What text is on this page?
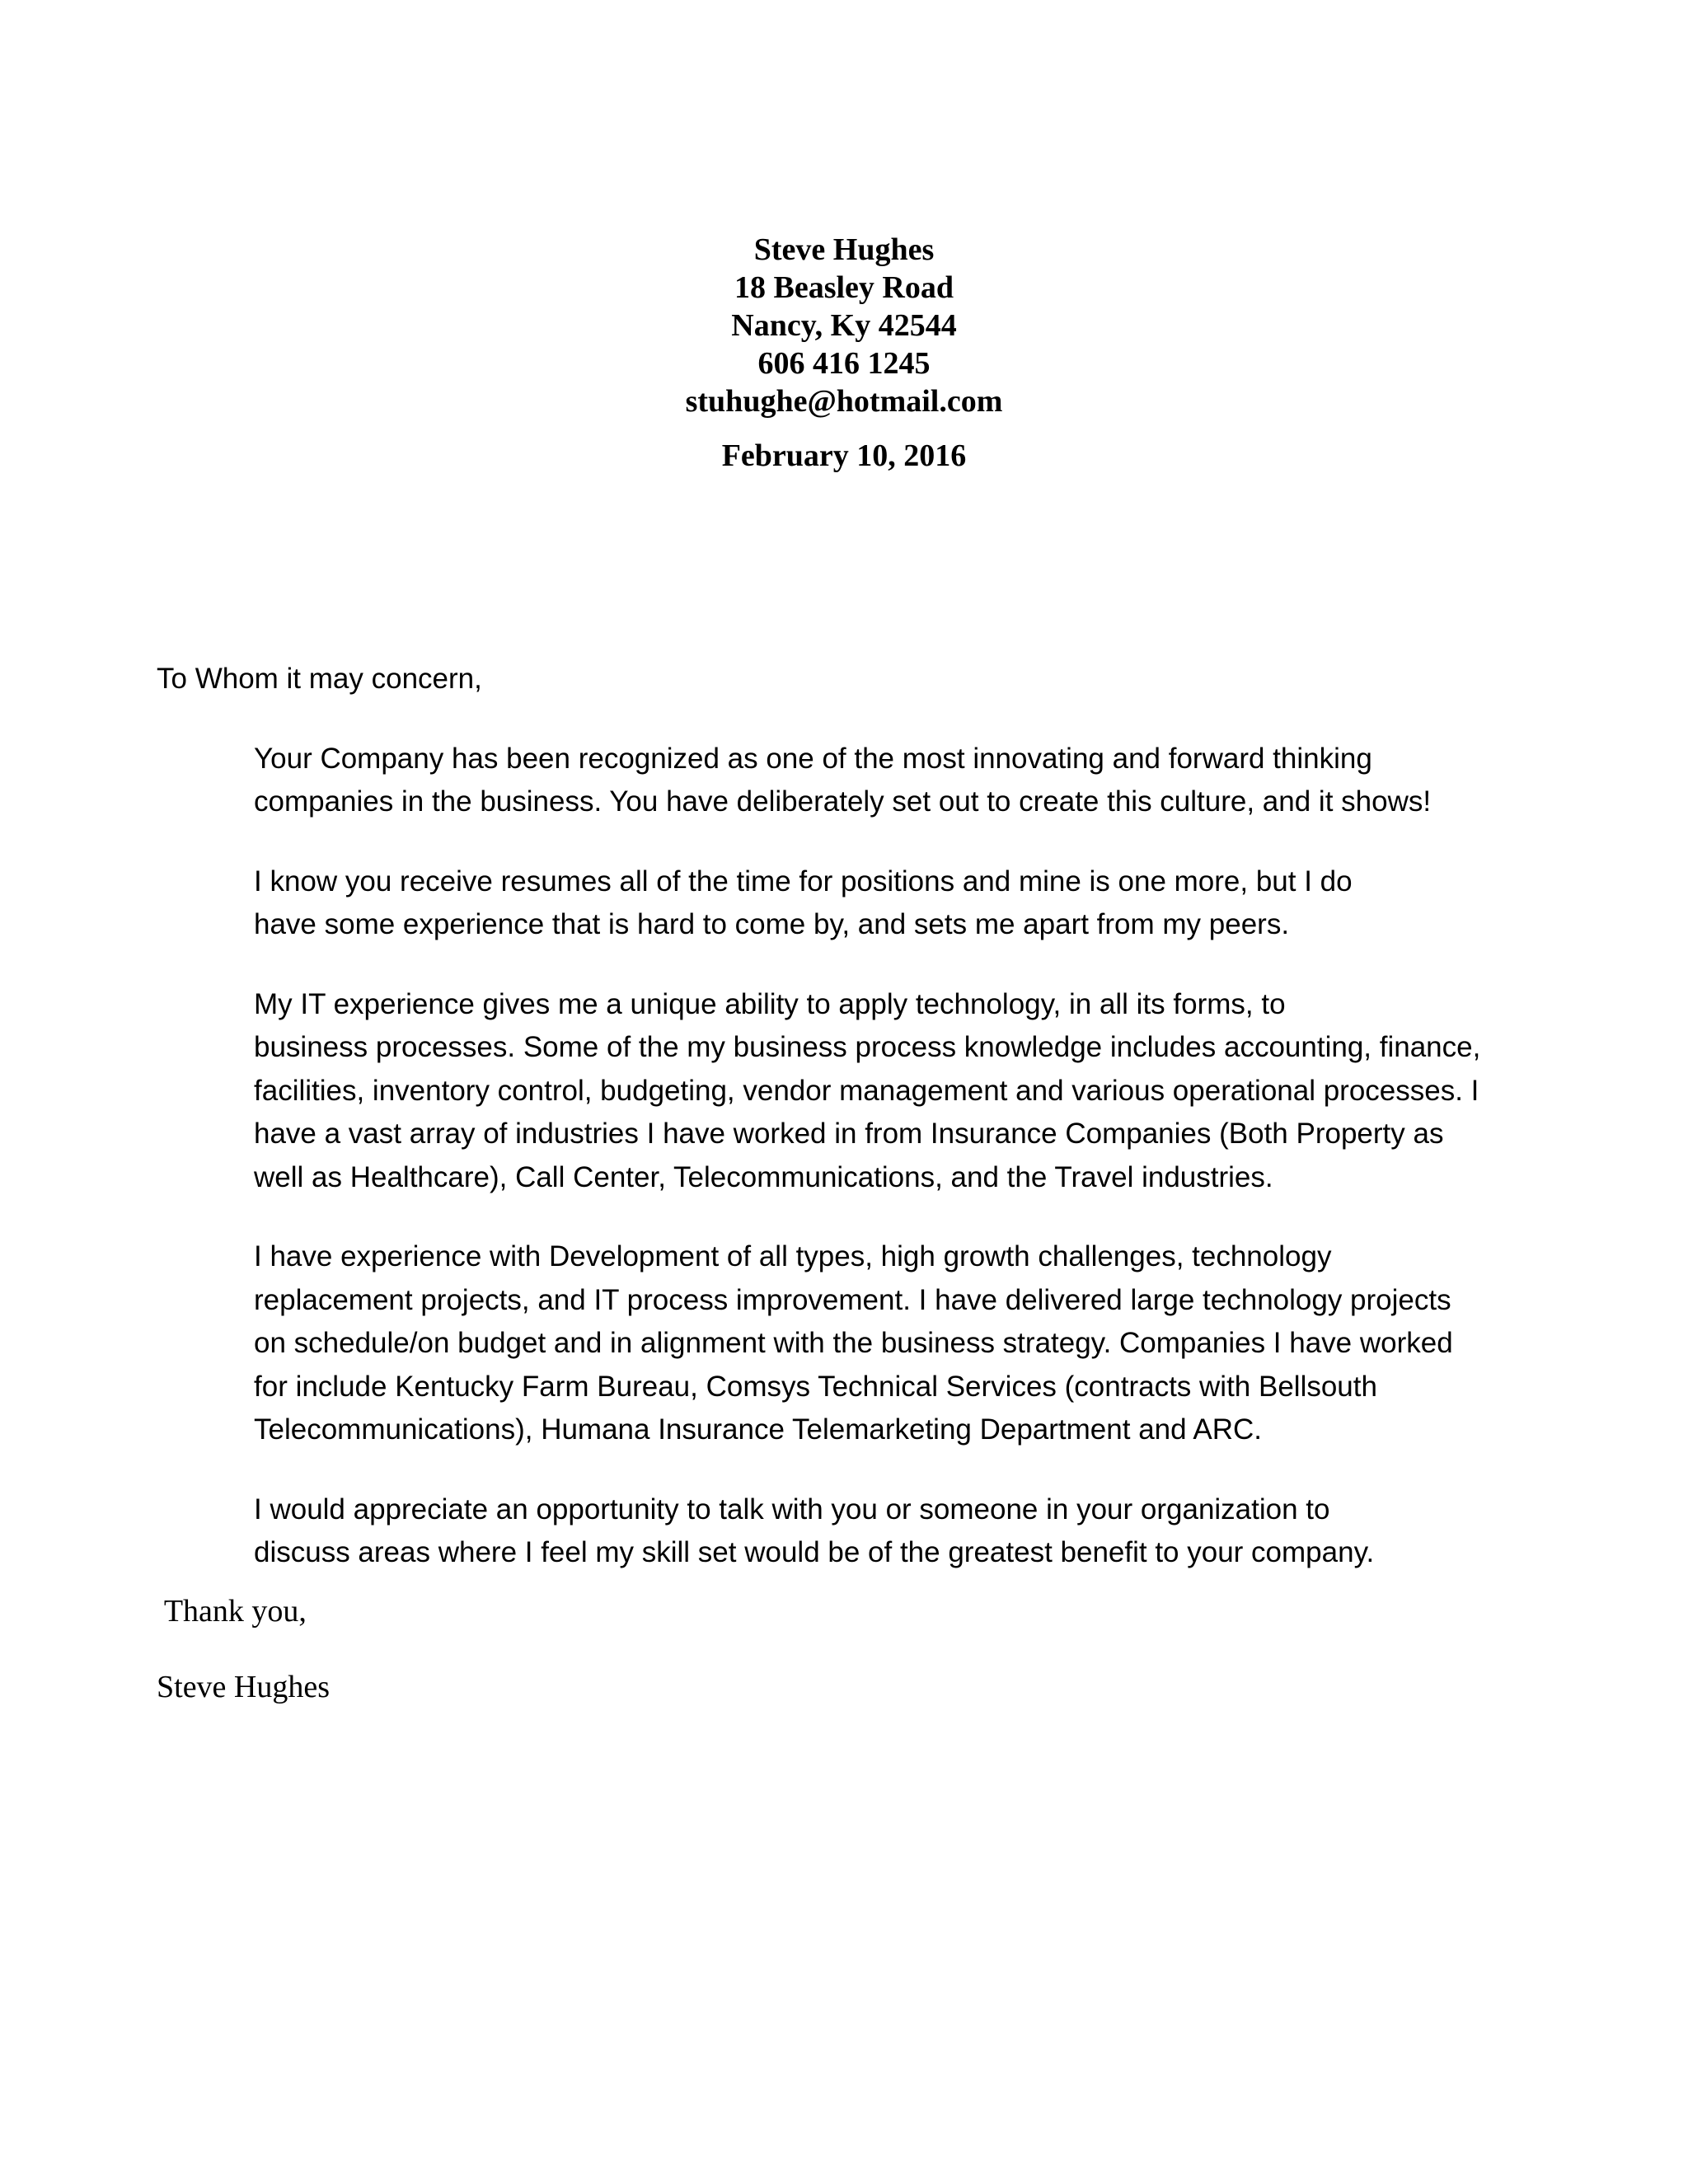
Steve Hughes
18 Beasley Road
Nancy, Ky 42544
606 416 1245
stuhughe@hotmail.com
February 10, 2016

To Whom it may concern,

Your Company has been recognized as one of the most innovating and forward thinking
companies in the business. You have deliberately set out to create this culture, and it shows!

I know you receive resumes all of the time for positions and mine is one more, but I do
have some experience that is hard to come by, and sets me apart from my peers.

My IT experience gives me a unique ability to apply technology, in all its forms, to
business processes. Some of the my business process knowledge includes accounting, finance,
facilities, inventory control, budgeting, vendor management and various operational processes. I
have a vast array of industries I have worked in from Insurance Companies (Both Property as
well as Healthcare), Call Center, Telecommunications, and the Travel industries.

I have experience with Development of all types, high growth challenges, technology
replacement projects, and IT process improvement. I have delivered large technology projects
on schedule/on budget and in alignment with the business strategy. Companies I have worked
for include Kentucky Farm Bureau, Comsys Technical Services (contracts with Bellsouth
Telecommunications), Humana Insurance Telemarketing Department and ARC.

I would appreciate an opportunity to talk with you or someone in your organization to
discuss areas where I feel my skill set would be of the greatest benefit to your company.

Thank you,
Steve Hughes
